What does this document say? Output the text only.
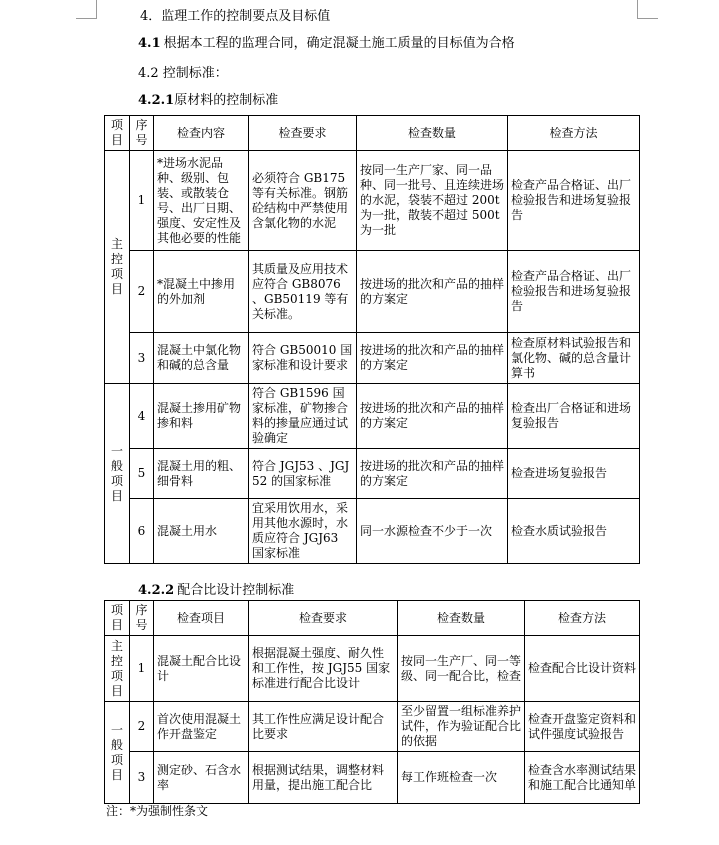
4．监理工作的控制要点及目标值
4.1 根据本工程的监理合同，确定混凝土施工质量的目标值为合格
4.2 控制标准：
4.2.1原材料的控制标准
项目	序号	检查内容	检查要求	检查数量	检查方法
主控项目	1	*进场水泥品种、级别、包装、或散装仓号、出厂日期、强度、安定性及其他必要的性能	必须符合 GB175 等有关标准。钢筋砼结构中严禁使用含氯化物的水泥	按同一生产厂家、同一品种、同一批号、且连续进场的水泥，袋装不超过 200t 为一批，散装不超过 500t 为一批	检查产品合格证、出厂检验报告和进场复验报告
	2	*混凝土中掺用的外加剂	其质量及应用技术应符合 GB8076 、GB50119 等有关标准。	按进场的批次和产品的抽样的方案定	检查产品合格证、出厂检验报告和进场复验报告
	3	混凝土中氯化物和碱的总含量	符合 GB50010 国家标准和设计要求	按进场的批次和产品的抽样的方案定	检查原材料试验报告和氯化物、碱的总含量计算书
一般项目	4	混凝土掺用矿物掺和料	符合 GB1596 国家标准，矿物掺合料的掺量应通过试验确定	按进场的批次和产品的抽样的方案定	检查出厂合格证和进场复验报告
	5	混凝土用的粗、细骨料	符合 JGJ53 、JGJ52 的国家标准	按进场的批次和产品的抽样的方案定	检查进场复验报告
	6	混凝土用水	宜采用饮用水，采用其他水源时，水质应符合 JGJ63 国家标准	同一水源检查不少于一次	检查水质试验报告
4.2.2 配合比设计控制标准
项目	序号	检查项目	检查要求	检查数量	检查方法
主控项目	1	混凝土配合比设计	根据混凝土强度、耐久性和工作性，按 JGJ55 国家标准进行配合比设计	按同一生产厂、同一等级、同一配合比，检查	检查配合比设计资料
一般项目	2	首次使用混凝土作开盘鉴定	其工作性应满足设计配合比要求	至少留置一组标准养护试件，作为验证配合比的依据	检查开盘鉴定资料和试件强度试验报告
	3	测定砂、石含水率	根据测试结果，调整材料用量，提出施工配合比	每工作班检查一次	检查含水率测试结果和施工配合比通知单
注：*为强制性条文
